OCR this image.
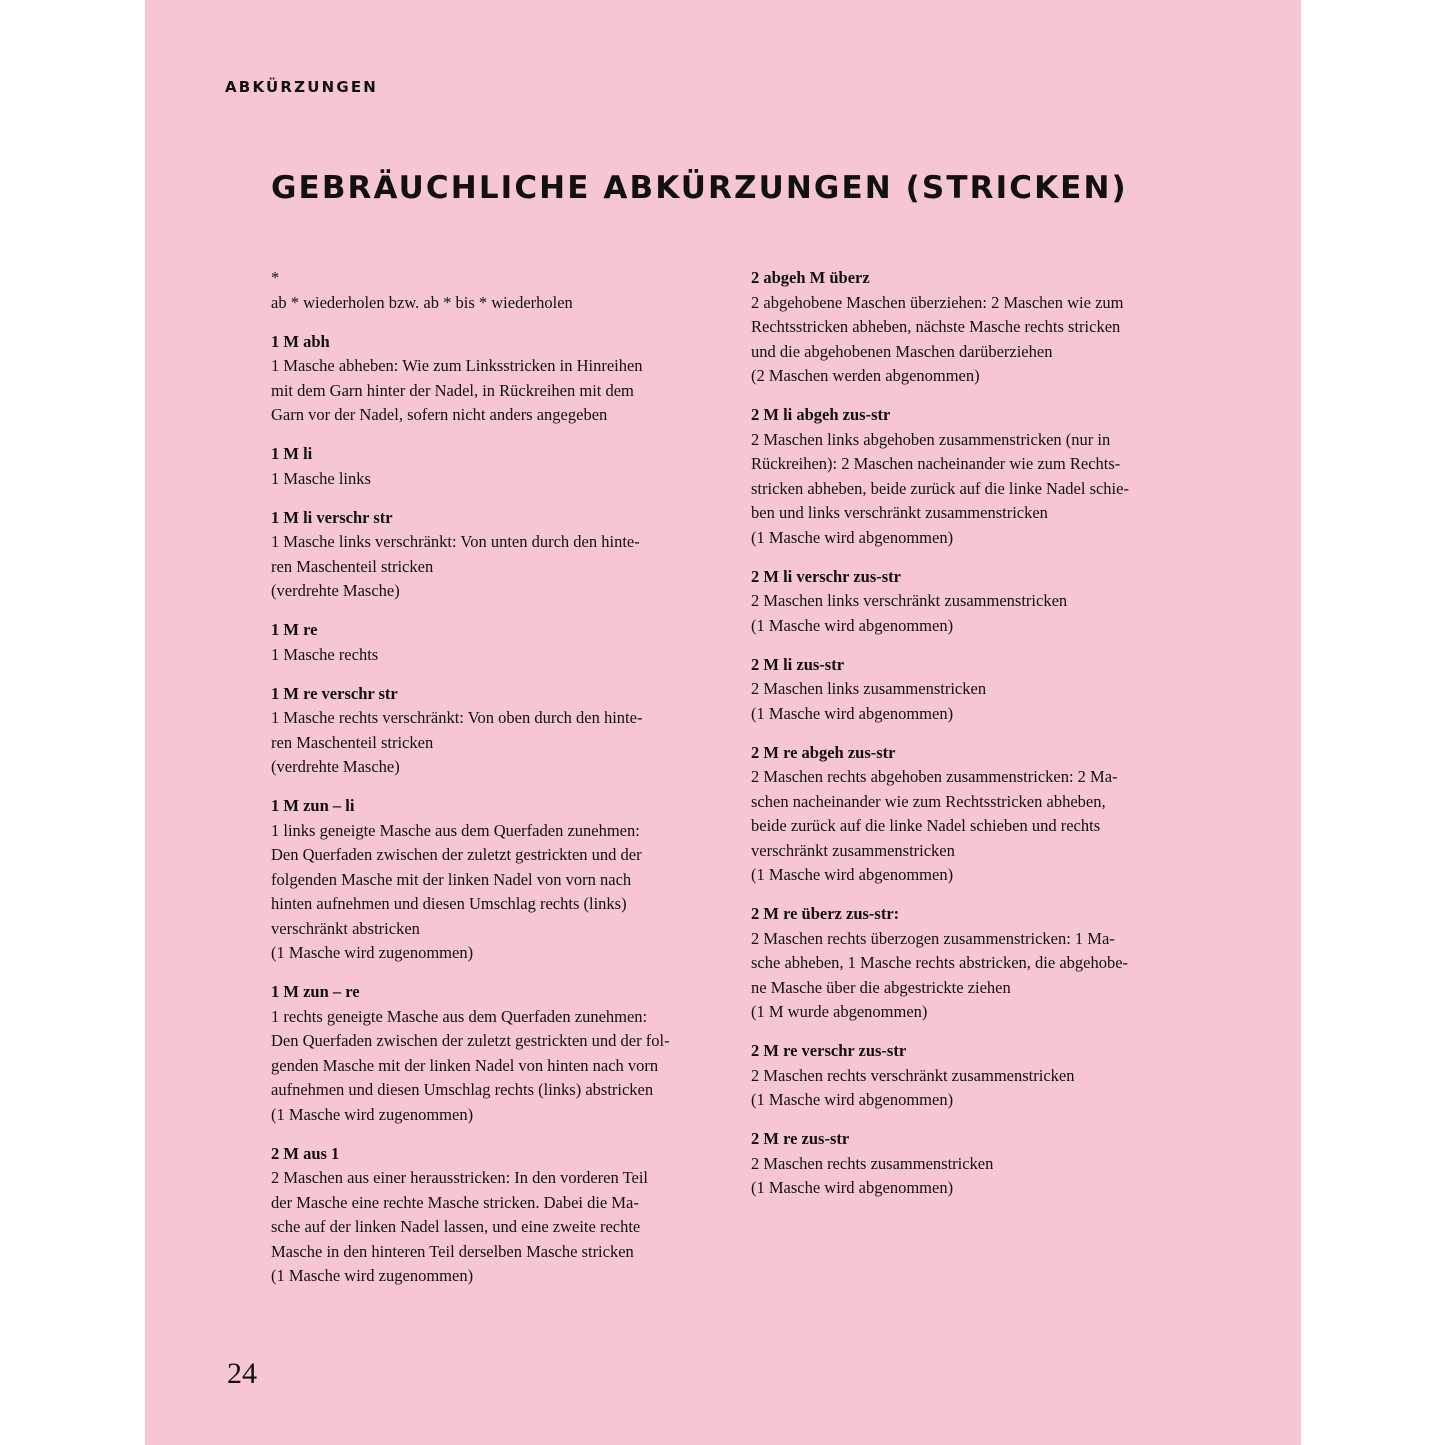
ABKÜRZUNGEN
GEBRÄUCHLICHE ABKÜRZUNGEN (STRICKEN)
*
ab * wiederholen bzw. ab * bis * wiederholen
1 M abh
1 Masche abheben: Wie zum Linksstricken in Hinreihen
mit dem Garn hinter der Nadel, in Rückreihen mit dem
Garn vor der Nadel, sofern nicht anders angegeben
1 M li
1 Masche links
1 M li verschr str
1 Masche links verschränkt: Von unten durch den hinte-
ren Maschenteil stricken
(verdrehte Masche)
1 M re
1 Masche rechts
1 M re verschr str
1 Masche rechts verschränkt: Von oben durch den hinte-
ren Maschenteil stricken
(verdrehte Masche)
1 M zun – li
1 links geneigte Masche aus dem Querfaden zunehmen:
Den Querfaden zwischen der zuletzt gestrickten und der
folgenden Masche mit der linken Nadel von vorn nach
hinten aufnehmen und diesen Umschlag rechts (links)
verschränkt abstricken
(1 Masche wird zugenommen)
1 M zun – re
1 rechts geneigte Masche aus dem Querfaden zunehmen:
Den Querfaden zwischen der zuletzt gestrickten und der fol-
genden Masche mit der linken Nadel von hinten nach vorn
aufnehmen und diesen Umschlag rechts (links) abstricken
(1 Masche wird zugenommen)
2 M aus 1
2 Maschen aus einer herausstricken: In den vorderen Teil
der Masche eine rechte Masche stricken. Dabei die Ma-
sche auf der linken Nadel lassen, und eine zweite rechte
Masche in den hinteren Teil derselben Masche stricken
(1 Masche wird zugenommen)
2 abgeh M überz
2 abgehobene Maschen überziehen: 2 Maschen wie zum
Rechtsstricken abheben, nächste Masche rechts stricken
und die abgehobenen Maschen darüberziehen
(2 Maschen werden abgenommen)
2 M li abgeh zus-str
2 Maschen links abgehoben zusammenstricken (nur in
Rückreihen): 2 Maschen nacheinander wie zum Rechts-
stricken abheben, beide zurück auf die linke Nadel schie-
ben und links verschränkt zusammenstricken
(1 Masche wird abgenommen)
2 M li verschr zus-str
2 Maschen links verschränkt zusammenstricken
(1 Masche wird abgenommen)
2 M li zus-str
2 Maschen links zusammenstricken
(1 Masche wird abgenommen)
2 M re abgeh zus-str
2 Maschen rechts abgehoben zusammenstricken: 2 Ma-
schen nacheinander wie zum Rechtsstricken abheben,
beide zurück auf die linke Nadel schieben und rechts
verschränkt zusammenstricken
(1 Masche wird abgenommen)
2 M re überz zus-str:
2 Maschen rechts überzogen zusammenstricken: 1 Ma-
sche abheben, 1 Masche rechts abstricken, die abgehobe-
ne Masche über die abgestrickte ziehen
(1 M wurde abgenommen)
2 M re verschr zus-str
2 Maschen rechts verschränkt zusammenstricken
(1 Masche wird abgenommen)
2 M re zus-str
2 Maschen rechts zusammenstricken
(1 Masche wird abgenommen)
24
